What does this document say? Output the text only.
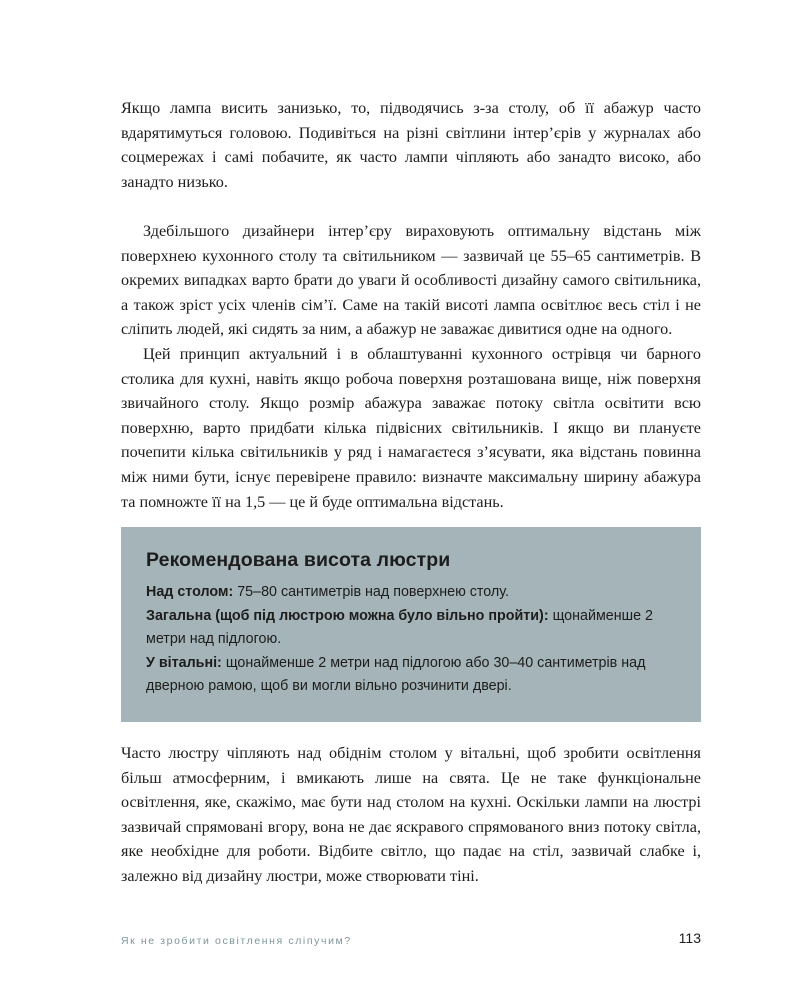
Якщо лампа висить занизько, то, підводячись з-за столу, об її абажур часто вдарятимуться головою. Подивіться на різні світлини інтер’єрів у журналах або соцмережах і самі побачите, як часто лампи чіпляють або занадто високо, або занадто низько.

Здебільшого дизайнери інтер’єру вираховують оптимальну відстань між поверхнею кухонного столу та світильником — зазвичай це 55–65 сантиметрів. В окремих випадках варто брати до уваги й особливості дизайну самого світильника, а також зріст усіх членів сім’ї. Саме на такій висоті лампа освітлює весь стіл і не сліпить людей, які сидять за ним, а абажур не заважає дивитися одне на одного.

Цей принцип актуальний і в облаштуванні кухонного острівця чи барного столика для кухні, навіть якщо робоча поверхня розташована вище, ніж поверхня звичайного столу. Якщо розмір абажура заважає потоку світла освітити всю поверхню, варто придбати кілька підвісних світильників. І якщо ви плануєте почепити кілька світильників у ряд і намагаєтеся з’ясувати, яка відстань повинна між ними бути, існує перевірене правило: визначте максимальну ширину абажура та помножте її на 1,5 — це й буде оптимальна відстань.

Рекомендована висота люстри

Над столом: 75–80 сантиметрів над поверхнею столу.

Загальна (щоб під люстрою можна було вільно пройти): щонайменше 2 метри над підлогою.

У вітальні: щонайменше 2 метри над підлогою або 30–40 сантиметрів над дверною рамою, щоб ви могли вільно розчинити двері.

Часто люстру чіпляють над обіднім столом у вітальні, щоб зробити освітлення більш атмосферним, і вмикають лише на свята. Це не таке функціональне освітлення, яке, скажімо, має бути над столом на кухні. Оскільки лампи на люстрі зазвичай спрямовані вгору, вона не дає яскравого спрямованого вниз потоку світла, яке необхідне для роботи. Відбите світло, що падає на стіл, зазвичай слабке і, залежно від дизайну люстри, може створювати тіні.

Як не зробити освітлення сліпучим?	113
